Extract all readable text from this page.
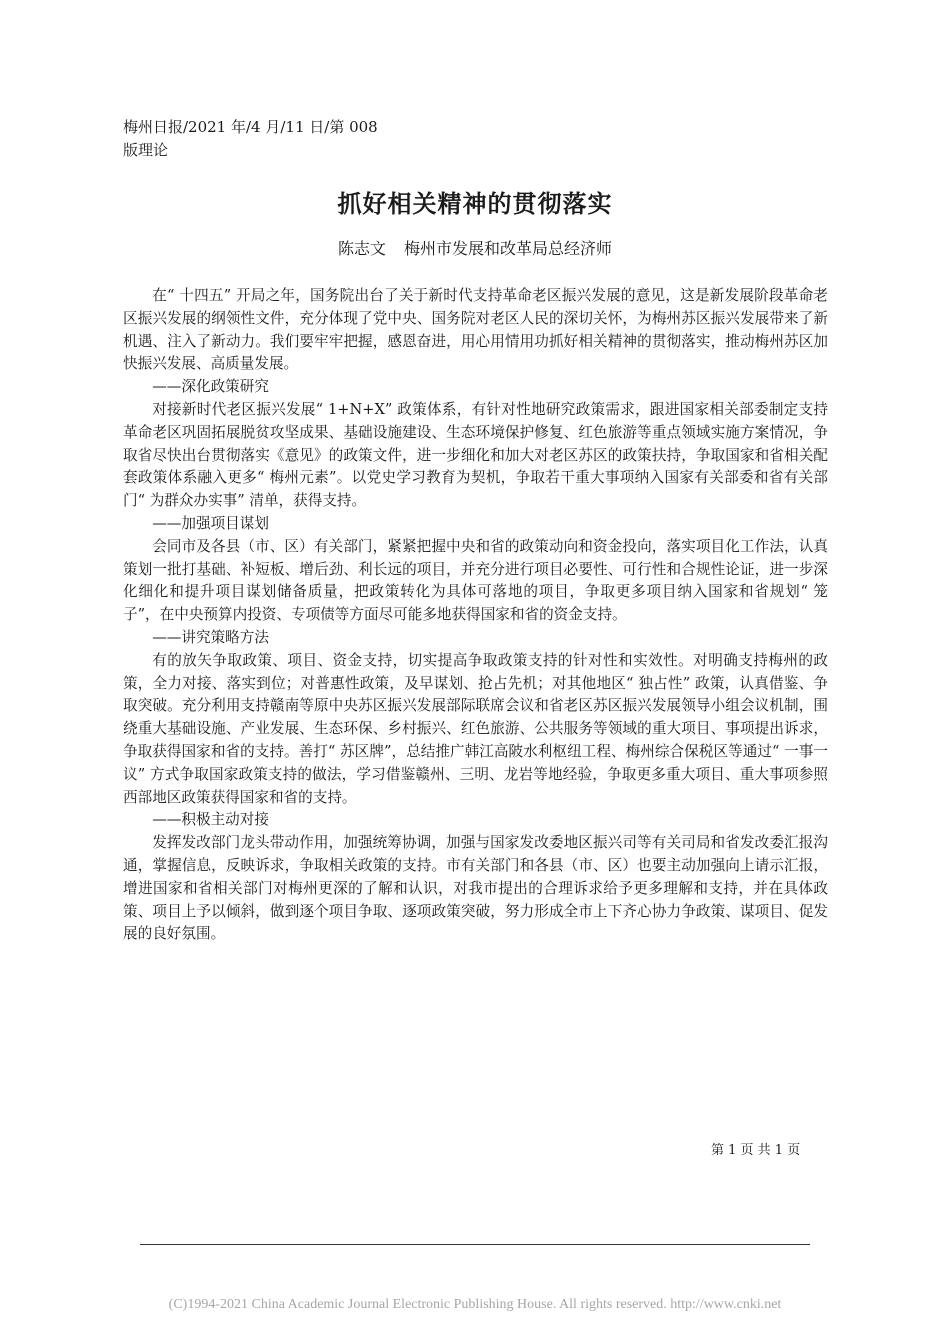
梅州日报/2021 年/4 月/11 日/第 008
版理论
抓好相关精神的贯彻落实
陈志文 梅州市发展和改革局总经济师

在“ 十四五” 开局之年，国务院出台了关于新时代支持革命老区振兴发展的意见，这是新发展阶段革命老区振兴发展的纲领性文件，充分体现了党中央、国务院对老区人民的深切关怀，为梅州苏区振兴发展带来了新机遇、注入了新动力。我们要牢牢把握，感恩奋进，用心用情用功抓好相关精神的贯彻落实，推动梅州苏区加快振兴发展、高质量发展。

——深化政策研究

对接新时代老区振兴发展“ 1+N+X” 政策体系，有针对性地研究政策需求，跟进国家相关部委制定支持革命老区巩固拓展脱贫攻坚成果、基础设施建设、生态环境保护修复、红色旅游等重点领域实施方案情况，争取省尽快出台贯彻落实《意见》的政策文件，进一步细化和加大对老区苏区的政策扶持，争取国家和省相关配套政策体系融入更多“ 梅州元素”。以党史学习教育为契机，争取若干重大事项纳入国家有关部委和省有关部门“ 为群众办实事” 清单，获得支持。

——加强项目谋划

会同市及各县（市、区）有关部门，紧紧把握中央和省的政策动向和资金投向，落实项目化工作法，认真策划一批打基础、补短板、增后劲、利长远的项目，并充分进行项目必要性、可行性和合规性论证，进一步深化细化和提升项目谋划储备质量，把政策转化为具体可落地的项目，争取更多项目纳入国家和省规划“ 笼子”，在中央预算内投资、专项债等方面尽可能多地获得国家和省的资金支持。

——讲究策略方法

有的放矢争取政策、项目、资金支持，切实提高争取政策支持的针对性和实效性。对明确支持梅州的政策，全力对接、落实到位；对普惠性政策，及早谋划、抢占先机；对其他地区“ 独占性” 政策，认真借鉴、争取突破。充分利用支持赣南等原中央苏区振兴发展部际联席会议和省老区苏区振兴发展领导小组会议机制，围绕重大基础设施、产业发展、生态环保、乡村振兴、红色旅游、公共服务等领域的重大项目、事项提出诉求，争取获得国家和省的支持。善打“ 苏区牌”，总结推广韩江高陂水利枢纽工程、梅州综合保税区等通过“ 一事一议” 方式争取国家政策支持的做法，学习借鉴赣州、三明、龙岩等地经验，争取更多重大项目、重大事项参照西部地区政策获得国家和省的支持。

——积极主动对接

发挥发改部门龙头带动作用，加强统筹协调，加强与国家发改委地区振兴司等有关司局和省发改委汇报沟通，掌握信息，反映诉求，争取相关政策的支持。市有关部门和各县（市、区）也要主动加强向上请示汇报，增进国家和省相关部门对梅州更深的了解和认识，对我市提出的合理诉求给予更多理解和支持，并在具体政策、项目上予以倾斜，做到逐个项目争取、逐项政策突破，努力形成全市上下齐心协力争政策、谋项目、促发展的良好氛围。

第 1 页 共 1 页
(C)1994-2021 China Academic Journal Electronic Publishing House. All rights reserved. http://www.cnki.net
